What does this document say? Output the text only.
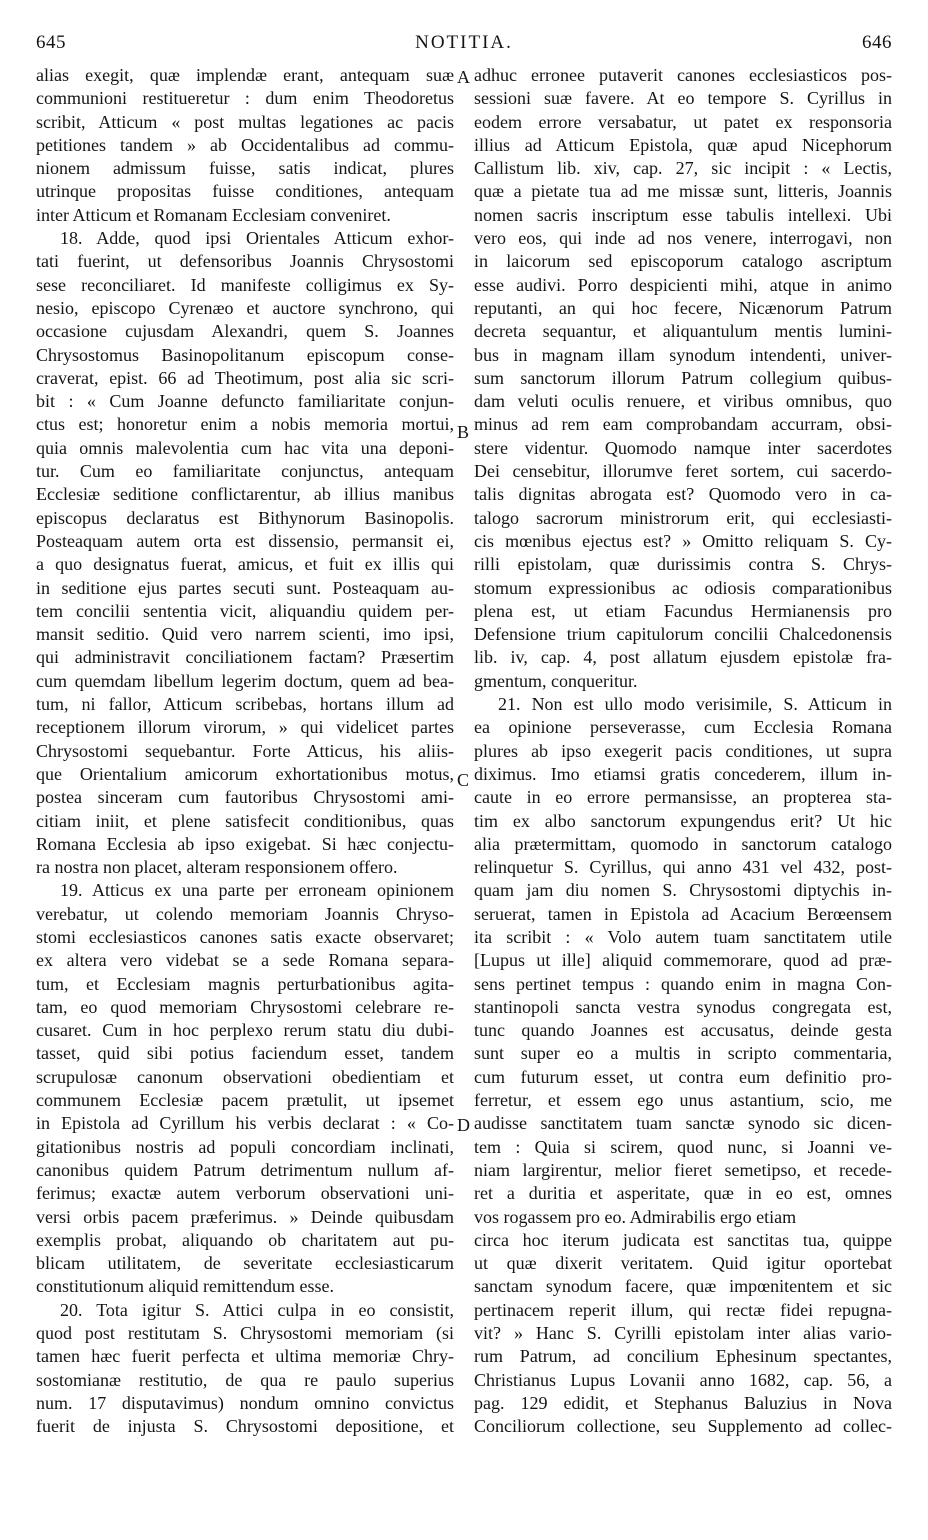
645	NOTITIA.	646
alias exegit, quæ implendæ erant, antequam suæ
communioni restitueretur : dum enim Theodoretus
scribit, Atticum « post multas legationes ac pacis
petitiones tandem » ab Occidentalibus ad commu-
nionem admissum fuisse, satis indicat, plures
utrinque propositas fuisse conditiones, antequam
inter Atticum et Romanam Ecclesiam conveniret.
18. Adde, quod ipsi Orientales Atticum exhor-
tati fuerint, ut defensoribus Joannis Chrysostomi
sese reconciliaret. Id manifeste colligimus ex Sy-
nesio, episcopo Cyrenæo et auctore synchrono, qui
occasione cujusdam Alexandri, quem S. Joannes
Chrysostomus Basinopolitanum episcopum conse-
craverat, epist. 66 ad Theotimum, post alia sic scri-
bit : « Cum Joanne defuncto familiaritate conjun-
ctus est; honoretur enim a nobis memoria mortui,
quia omnis malevolentia cum hac vita una deponi-
tur. Cum eo familiaritate conjunctus, antequam
Ecclesiæ seditione conflictarentur, ab illius manibus
episcopus declaratus est Bithynorum Basinopolis.
Posteaquam autem orta est dissensio, permansit ei,
a quo designatus fuerat, amicus, et fuit ex illis qui
in seditione ejus partes secuti sunt. Posteaquam au-
tem concilii sententia vicit, aliquandiu quidem per-
mansit seditio. Quid vero narrem scienti, imo ipsi,
qui administravit conciliationem factam? Præsertim
cum quemdam libellum legerim doctum, quem ad bea-
tum, ni fallor, Atticum scribebas, hortans illum ad
receptionem illorum virorum, » qui videlicet partes
Chrysostomi sequebantur. Forte Atticus, his aliis-
que Orientalium amicorum exhortationibus motus,
postea sinceram cum fautoribus Chrysostomi ami-
citiam iniit, et plene satisfecit conditionibus, quas
Romana Ecclesia ab ipso exigebat. Si hæc conjectu-
ra nostra non placet, alteram responsionem offero.
19. Atticus ex una parte per erroneam opinionem
verebatur, ut colendo memoriam Joannis Chryso-
stomi ecclesiasticos canones satis exacte observaret;
ex altera vero videbat se a sede Romana separa-
tum, et Ecclesiam magnis perturbationibus agita-
tam, eo quod memoriam Chrysostomi celebrare re-
cusaret. Cum in hoc perplexo rerum statu diu dubi-
tasset, quid sibi potius faciendum esset, tandem
scrupulosæ canonum observationi obedientiam et
communem Ecclesiæ pacem prætulit, ut ipsemet
in Epistola ad Cyrillum his verbis declarat : « Co-
gitationibus nostris ad populi concordiam inclinati,
canonibus quidem Patrum detrimentum nullum af-
ferimus; exactæ autem verborum observationi uni-
versi orbis pacem præferimus. » Deinde quibusdam
exemplis probat, aliquando ob charitatem aut pu-
blicam utilitatem, de severitate ecclesiasticarum
constitutionum aliquid remittendum esse.
20. Tota igitur S. Attici culpa in eo consistit,
quod post restitutam S. Chrysostomi memoriam (si
tamen hæc fuerit perfecta et ultima memoriæ Chry-
sostomianæ restitutio, de qua re paulo superius
num. 17 disputavimus) nondum omnino convictus
fuerit de injusta S. Chrysostomi depositione, et
adhuc erronee putaverit canones ecclesiasticos pos-
sessioni suæ favere. At eo tempore S. Cyrillus in
eodem errore versabatur, ut patet ex responsoria
illius ad Atticum Epistola, quæ apud Nicephorum
Callistum lib. xiv, cap. 27, sic incipit : « Lectis,
quæ a pietate tua ad me missæ sunt, litteris, Joannis
nomen sacris inscriptum esse tabulis intellexi. Ubi
vero eos, qui inde ad nos venere, interrogavi, non
in laicorum sed episcoporum catalogo ascriptum
esse audivi. Porro despicienti mihi, atque in animo
reputanti, an qui hoc fecere, Nicænorum Patrum
decreta sequantur, et aliquantulum mentis lumini-
bus in magnam illam synodum intendenti, univer-
sum sanctorum illorum Patrum collegium quibus-
dam veluti oculis renuere, et viribus omnibus, quo
minus ad rem eam comprobandam accurram, obsi-
stere videntur. Quomodo namque inter sacerdotes
Dei censebitur, illorumve feret sortem, cui sacerdo-
talis dignitas abrogata est? Quomodo vero in ca-
talogo sacrorum ministrorum erit, qui ecclesiasti-
cis mœnibus ejectus est? » Omitto reliquam S. Cy-
rilli epistolam, quæ durissimis contra S. Chrys-
stomum expressionibus ac odiosis comparationibus
plena est, ut etiam Facundus Hermianensis pro
Defensione trium capitulorum concilii Chalcedonensis
lib. iv, cap. 4, post allatum ejusdem epistolæ fra-
gmentum, conqueritur.
21. Non est ullo modo verisimile, S. Atticum in
ea opinione perseverasse, cum Ecclesia Romana
plures ab ipso exegerit pacis conditiones, ut supra
diximus. Imo etiamsi gratis concederem, illum in-
caute in eo errore permansisse, an propterea sta-
tim ex albo sanctorum expungendus erit? Ut hic
alia prætermittam, quomodo in sanctorum catalogo
relinquetur S. Cyrillus, qui anno 431 vel 432, post-
quam jam diu nomen S. Chrysostomi diptychis in-
seruerat, tamen in Epistola ad Acacium Berœensem
ita scribit : « Volo autem tuam sanctitatem utile
[Lupus ut ille] aliquid commemorare, quod ad præ-
sens pertinet tempus : quando enim in magna Con-
stantinopoli sancta vestra synodus congregata est,
tunc quando Joannes est accusatus, deinde gesta
sunt super eo a multis in scripto commentaria,
cum futurum esset, ut contra eum definitio pro-
ferretur, et essem ego unus astantium, scio, me
audisse sanctitatem tuam sanctæ synodo sic dicen-
tem : Quia si scirem, quod nunc, si Joanni ve-
niam largirentur, melior fieret semetipso, et recede-
ret a duritia et asperitate, quæ in eo est, omnes
vos rogassem pro eo. Admirabilis ergo etiam
circa hoc iterum judicata est sanctitas tua, quippe
ut quæ dixerit veritatem. Quid igitur oportebat
sanctam synodum facere, quæ impœnitentem et sic
pertinacem reperit illum, qui rectæ fidei repugna-
vit? » Hanc S. Cyrilli epistolam inter alias vario-
rum Patrum, ad concilium Ephesinum spectantes,
Christianus Lupus Lovanii anno 1682, cap. 56, a
pag. 129 edidit, et Stephanus Baluzius in Nova
Conciliorum collectione, seu Supplemento ad collec-
A
B
C
D
